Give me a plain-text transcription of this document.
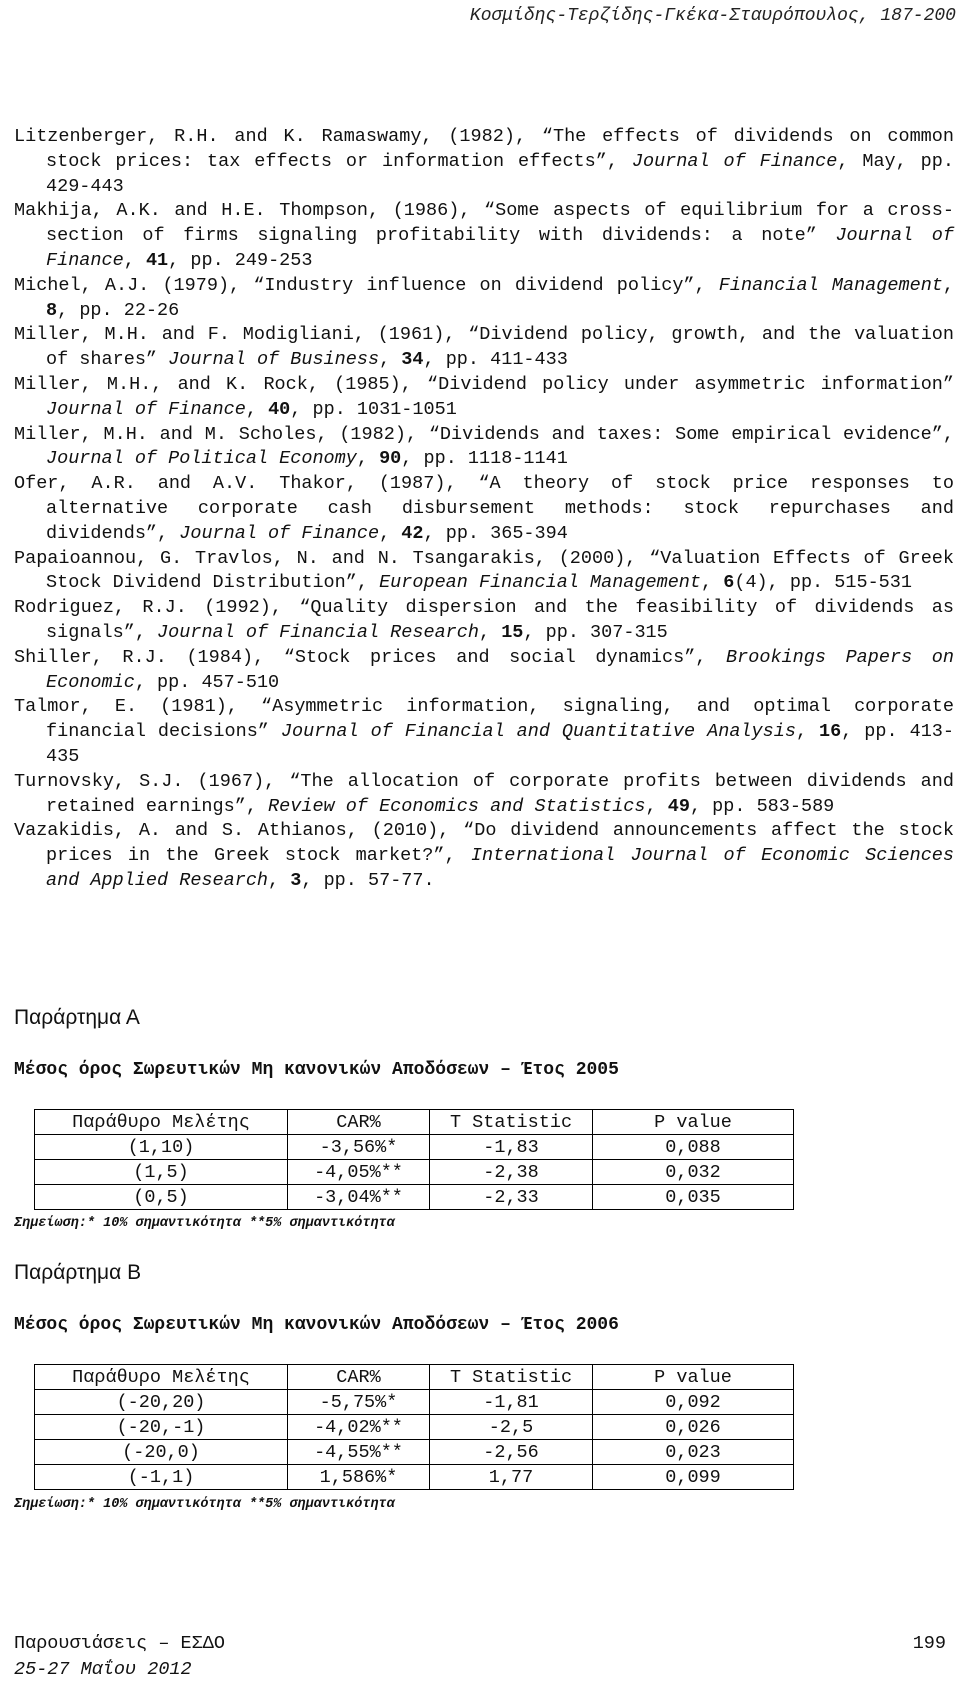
Κοσμίδης-Τερζίδης-Γκέκα-Σταυρόπουλος, 187-200
Litzenberger, R.H. and K. Ramaswamy, (1982), “The effects of dividends on common stock prices: tax effects or information effects”, Journal of Finance, May, pp. 429-443
Makhija, A.K. and H.E. Thompson, (1986), “Some aspects of equilibrium for a cross-section of firms signaling profitability with dividends: a note” Journal of Finance, 41, pp. 249-253
Michel, A.J. (1979), “Industry influence on dividend policy”, Financial Management, 8, pp. 22-26
Miller, M.H. and F. Modigliani, (1961), “Dividend policy, growth, and the valuation of shares” Journal of Business, 34, pp. 411-433
Miller, M.H., and K. Rock, (1985), “Dividend policy under asymmetric information” Journal of Finance, 40, pp. 1031-1051
Miller, M.H. and M. Scholes, (1982), “Dividends and taxes: Some empirical evidence”, Journal of Political Economy, 90, pp. 1118-1141
Ofer, A.R. and A.V. Thakor, (1987), “A theory of stock price responses to alternative corporate cash disbursement methods: stock repurchases and dividends”, Journal of Finance, 42, pp. 365-394
Papaioannou, G. Travlos, N. and N. Tsangarakis, (2000), “Valuation Effects of Greek Stock Dividend Distribution”, European Financial Management, 6(4), pp. 515-531
Rodriguez, R.J. (1992), “Quality dispersion and the feasibility of dividends as signals”, Journal of Financial Research, 15, pp. 307-315
Shiller, R.J. (1984), “Stock prices and social dynamics”, Brookings Papers on Economic, pp. 457-510
Talmor, E. (1981), “Asymmetric information, signaling, and optimal corporate financial decisions” Journal of Financial and Quantitative Analysis, 16, pp. 413-435
Turnovsky, S.J. (1967), “The allocation of corporate profits between dividends and retained earnings”, Review of Economics and Statistics, 49, pp. 583-589
Vazakidis, A. and S. Athianos, (2010), “Do dividend announcements affect the stock prices in the Greek stock market?”, International Journal of Economic Sciences and Applied Research, 3, pp. 57-77.
Παράρτημα Α
Μέσος όρος Σωρευτικών Μη κανονικών Αποδόσεων – Έτος 2005
Παράθυρο Μελέτης	CAR%	T Statistic	P value
(1,10)	-3,56%*	-1,83	0,088
(1,5)	-4,05%**	-2,38	0,032
(0,5)	-3,04%**	-2,33	0,035
Σημείωση:* 10% σημαντικότητα **5% σημαντικότητα
Παράρτημα Β
Μέσος όρος Σωρευτικών Μη κανονικών Αποδόσεων – Έτος 2006
Παράθυρο Μελέτης	CAR%	T Statistic	P value
(-20,20)	-5,75%*	-1,81	0,092
(-20,-1)	-4,02%**	-2,5	0,026
(-20,0)	-4,55%**	-2,56	0,023
(-1,1)	1,586%*	1,77	0,099
Σημείωση:* 10% σημαντικότητα **5% σημαντικότητα
Παρουσιάσεις – ΕΣΔΟ	199
25-27 Μαΐου 2012
